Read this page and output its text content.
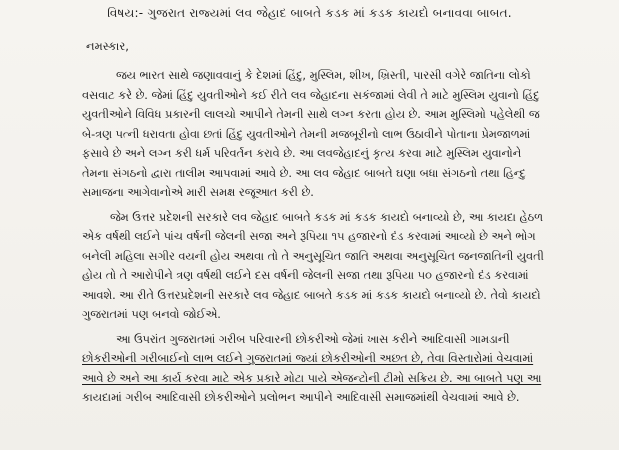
વિષય:- ગુજરાત રાજ્યમાં લવ જેહાદ બાબતે કડક માં કડક કાયદો બનાવવા બાબત.
નમસ્કાર,
જય ભારત સાથે જણાવવાનું કે દેશમાં હિંદુ, મુસ્લિમ, શીખ, ખ્રિસ્તી, પારસી વગેરે જાતિના લોકો
વસવાટ કરે છે. જેમાં હિંદુ યુવતીઓને કઈ રીતે લવ જેહાદના સકંજામાં લેવી તે માટે મુસ્લિમ યુવાનો હિંદુ
યુવતીઓને વિવિધ પ્રકારની લાલચો આપીને તેમની સાથે લગ્ન કરતા હોય છે. આમ મુસ્લિમો પહેલેથી જ
બે-ત્રણ પત્ની ધરાવતા હોવા છતાં હિંદુ યુવતીઓને તેમની મજબૂરીનો લાભ ઉઠાવીને પોતાના પ્રેમજાળમાં
ફસાવે છે અને લગ્ન કરી ધર્મ પરિવર્તન કરાવે છે. આ લવજેહાદનું કૃત્ય કરવા માટે મુસ્લિમ યુવાનોને
તેમના સંગઠનો દ્વારા તાલીમ આપવામાં આવે છે. આ લવ જેહાદ બાબતે ઘણા બધા સંગઠનો તથા હિન્દુ
સમાજના આગેવાનોએ મારી સમક્ષ રજૂઆત કરી છે.
જેમ ઉત્તર પ્રદેશની સરકારે લવ જેહાદ બાબતે કડક માં કડક કાયદો બનાવ્યો છે, આ કાયદા હેઠળ
એક વર્ષથી લઈને પાંચ વર્ષની જેલની સજા અને રૂપિયા ૧૫ હજારનો દંડ કરવામાં આવ્યો છે અને ભોગ
બનેલી મહિલા સગીર વયની હોય અથવા તો તે અનુસૂચિત જાતિ અથવા અનુસૂચિત જનજાતિની યુવતી
હોય તો તે આરોપીને ત્રણ વર્ષથી લઈને દસ વર્ષની જેલની સજા તથા રૂપિયા ૫૦ હજારનો દંડ કરવામાં
આવશે. આ રીતે ઉત્તરપ્રદેશની સરકારે લવ જેહાદ બાબતે કડક માં કડક કાયદો બનાવ્યો છે. તેવો કાયદો
ગુજરાતમાં પણ બનવો જોઈએ.
આ ઉપરાંત ગુજરાતમાં ગરીબ પરિવારની છોકરીઓ જેમાં ખાસ કરીને આદિવાસી ગામડાની
છોકરીઓની ગરીબાઈનો લાભ લઈને ગુજરાતમાં જ્યાં છોકરીઓની અછત છે, તેવા વિસ્તારોમાં વેચવામાં
આવે છે અને આ કાર્ય કરવા માટે એક પ્રકારે મોટા પાયે એજન્ટોની ટીમો સક્રિય છે. આ બાબતે પણ આ
કાયદામાં ગરીબ આદિવાસી છોકરીઓને પ્રલોભન આપીને આદિવાસી સમાજમાંથી વેચવામાં આવે છે.
